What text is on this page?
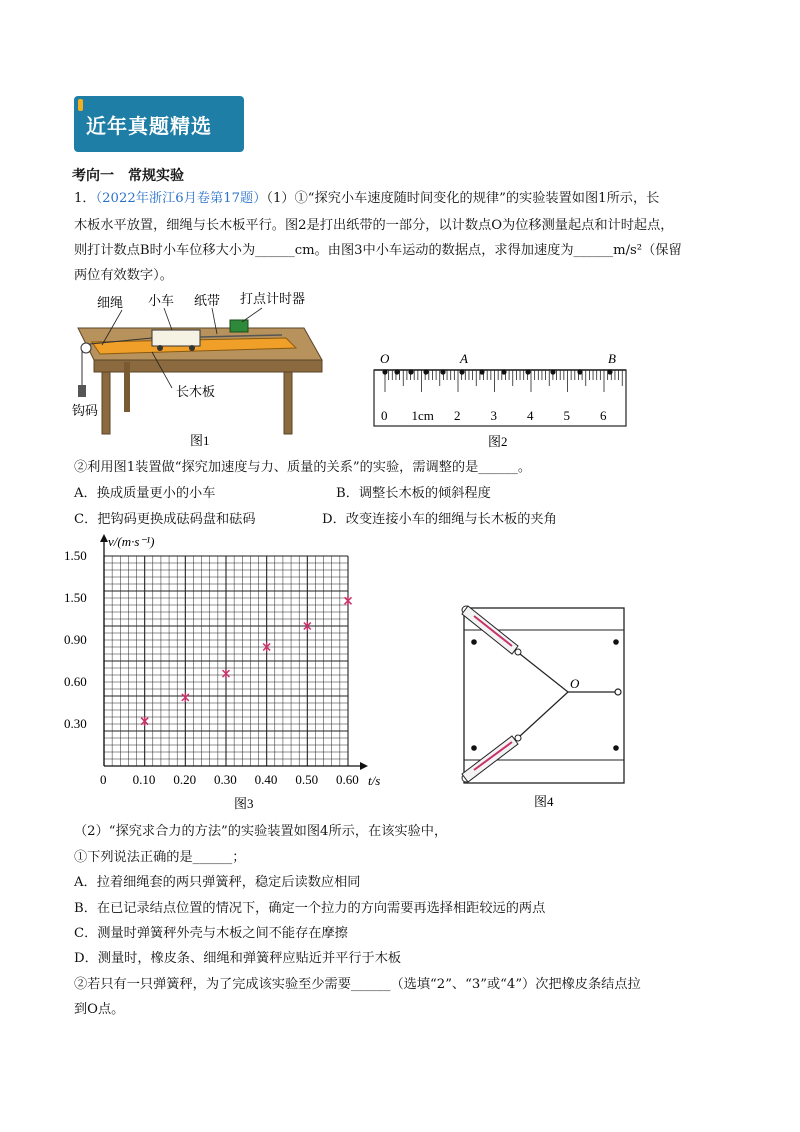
近年真题精选
考向一　常规实验
1．（2022年浙江6月卷第17题）（1）①“探究小车速度随时间变化的规律”的实验装置如图1所示，长
木板水平放置，细绳与长木板平行。图2是打出纸带的一部分，以计数点O为位移测量起点和计时起点，
则打计数点B时小车位移大小为______cm。由图3中小车运动的数据点，求得加速度为______m/s²（保留
两位有效数字）。
细绳 小车 纸带 打点计时器
长木板
钩码
图1
0 1cm 2 3 4 5 6
O	A	B
图2
②利用图1装置做“探究加速度与力、质量的关系”的实验，需调整的是______。
A．换成质量更小的小车	B．调整长木板的倾斜程度
C．把钩码更换成砝码盘和砝码	D．改变连接小车的细绳与长木板的夹角
0 0.10 0.20 0.30 0.40 0.50 0.60
0.30
0.60
0.90
1.50
1.50
v/(m·s⁻¹)
t/s
图3
O
图4
（2）“探究求合力的方法”的实验装置如图4所示，在该实验中，
①下列说法正确的是______；
A．拉着细绳套的两只弹簧秤，稳定后读数应相同
B．在已记录结点位置的情况下，确定一个拉力的方向需要再选择相距较远的两点
C．测量时弹簧秤外壳与木板之间不能存在摩擦
D．测量时，橡皮条、细绳和弹簧秤应贴近并平行于木板
②若只有一只弹簧秤，为了完成该实验至少需要______（选填“2”、“3”或“4”）次把橡皮条结点拉
到O点。
